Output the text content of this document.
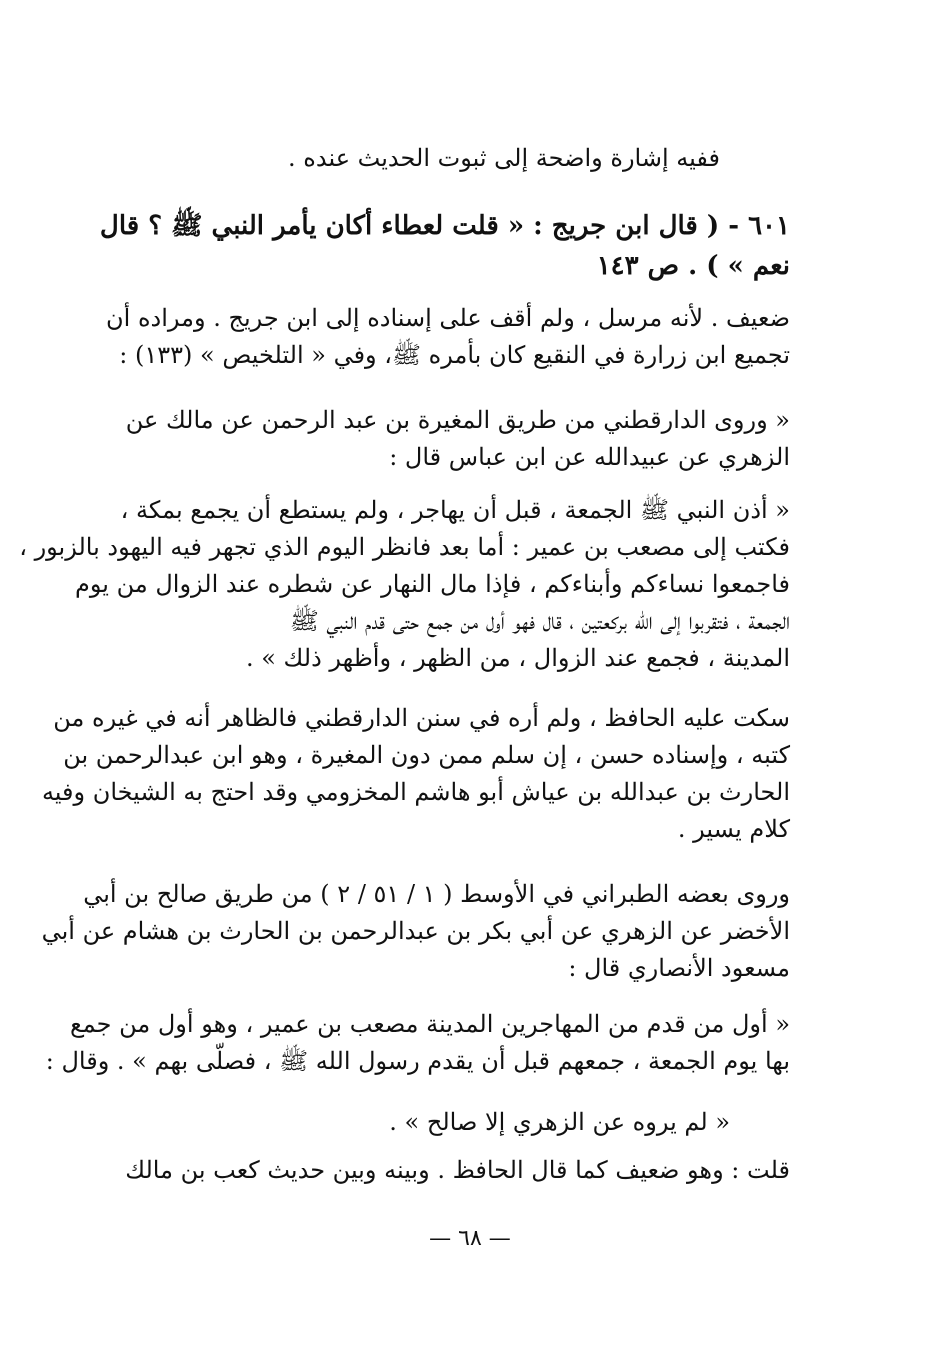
ففيه إشارة واضحة إلى ثبوت الحديث عنده .
٦٠١ - ( قال ابن جريج : « قلت لعطاء أكان يأمر النبي ﷺ ؟ قال
نعم » ) . ص ١٤٣
ضعيف . لأنه مرسل ، ولم أقف على إسناده إلى ابن جريج . ومراده أن
تجميع ابن زرارة في النقيع كان بأمره ﷺ، وفي « التلخيص » (١٣٣) :
« وروى الدارقطني من طريق المغيرة بن عبد الرحمن عن مالك عن
الزهري عن عبيدالله عن ابن عباس قال :
« أذن النبي ﷺ الجمعة ، قبل أن يهاجر ، ولم يستطع أن يجمع بمكة ،
فكتب إلى مصعب بن عمير : أما بعد فانظر اليوم الذي تجهر فيه اليهود بالزبور ،
فاجمعوا نساءكم وأبناءكم ، فإذا مال النهار عن شطره عند الزوال من يوم
الجمعة ، فتقربوا إلى الله بركعتين ، قال فهو أول من جمع حتى قدم النبي ﷺ
المدينة ، فجمع عند الزوال ، من الظهر ، وأظهر ذلك » .
سكت عليه الحافظ ، ولم أره في سنن الدارقطني فالظاهر أنه في غيره من
كتبه ، وإسناده حسن ، إن سلم ممن دون المغيرة ، وهو ابن عبدالرحمن بن
الحارث بن عبدالله بن عياش أبو هاشم المخزومي وقد احتج به الشيخان وفيه
كلام يسير .
وروى بعضه الطبراني في الأوسط ( ١ / ٥١ / ٢ ) من طريق صالح بن أبي
الأخضر عن الزهري عن أبي بكر بن عبدالرحمن بن الحارث بن هشام عن أبي
مسعود الأنصاري قال :
« أول من قدم من المهاجرين المدينة مصعب بن عمير ، وهو أول من جمع
بها يوم الجمعة ، جمعهم قبل أن يقدم رسول الله ﷺ ، فصلّى بهم » . وقال :
« لم يروه عن الزهري إلا صالح » .
قلت : وهو ضعيف كما قال الحافظ . وبينه وبين حديث كعب بن مالك
— ٦٨ —
